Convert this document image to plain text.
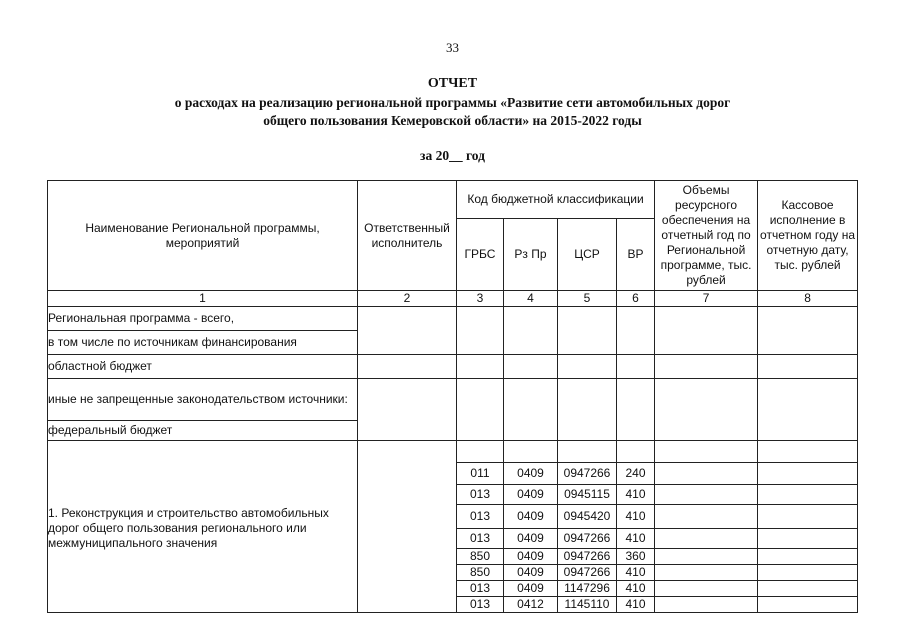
33
ОТЧЕТ
о расходах на реализацию региональной программы «Развитие сети автомобильных дорог
общего пользования Кемеровской области» на 2015-2022 годы
за 20__ год
Наименование Региональной программы, мероприятий	Ответственный исполнитель	Код бюджетной классификации				Объемы ресурсного обеспечения на отчетный год по Региональной программе, тыс. рублей	Кассовое исполнение в отчетном году на отчетную дату, тыс. рублей
		ГРБС	Рз Пр	ЦСР	ВР		
1	2	3	4	5	6	7	8
Региональная программа - всего,							
в том числе по источникам финансирования							
областной бюджет							
иные не запрещенные законодательством источники:							
федеральный бюджет							
1. Реконструкция и строительство автомобильных дорог общего пользования регионального или межмуниципального значения							
		011	0409	0947266	240		
		013	0409	0945115	410		
		013	0409	0945420	410		
		013	0409	0947266	410		
		850	0409	0947266	360		
		850	0409	0947266	410		
		013	0409	1147296	410		
		013	0412	1145110	410		
